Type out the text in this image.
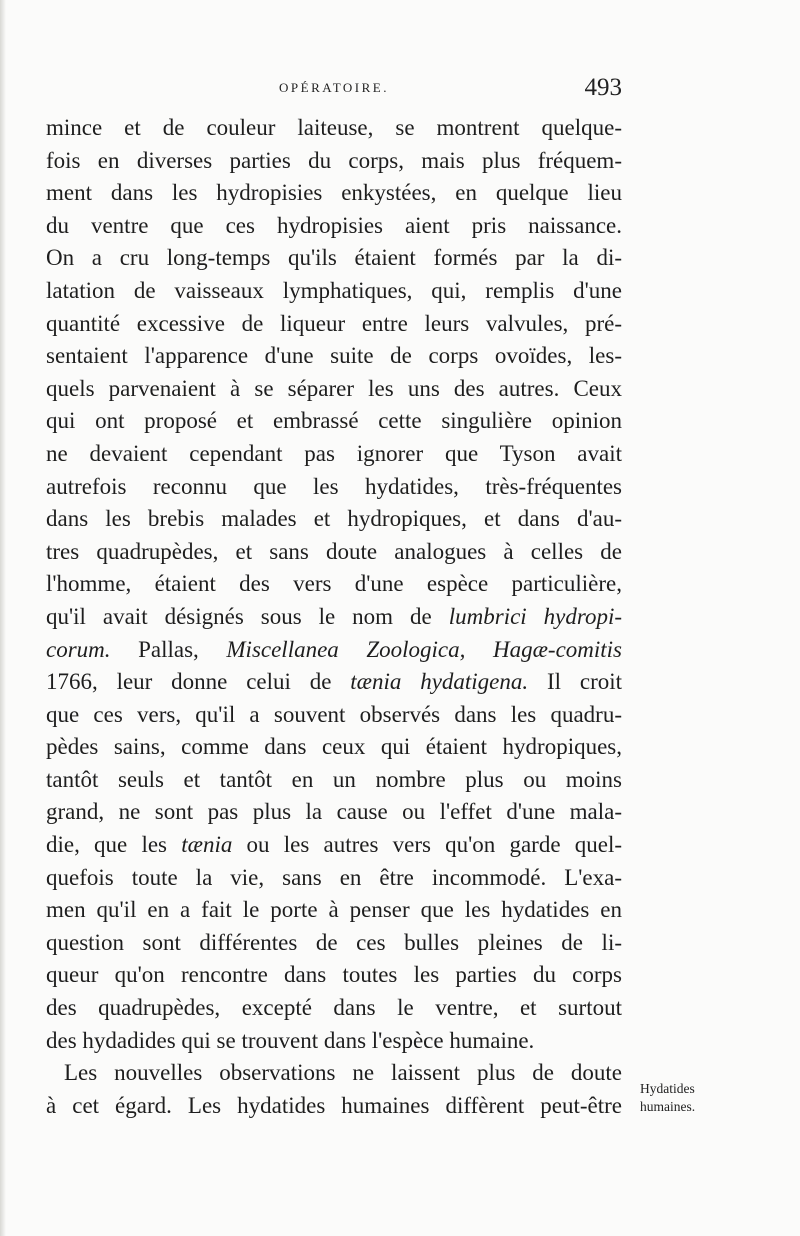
OPÉRATOIRE.	493
mince et de couleur laiteuse, se montrent quelque-
fois en diverses parties du corps, mais plus fréquem-
ment dans les hydropisies enkystées, en quelque lieu
du ventre que ces hydropisies aient pris naissance.
On a cru long-temps qu'ils étaient formés par la di-
latation de vaisseaux lymphatiques, qui, remplis d'une
quantité excessive de liqueur entre leurs valvules, pré-
sentaient l'apparence d'une suite de corps ovoïdes, les-
quels parvenaient à se séparer les uns des autres. Ceux
qui ont proposé et embrassé cette singulière opinion
ne devaient cependant pas ignorer que Tyson avait
autrefois reconnu que les hydatides, très-fréquentes
dans les brebis malades et hydropiques, et dans d'au-
tres quadrupèdes, et sans doute analogues à celles de
l'homme, étaient des vers d'une espèce particulière,
qu'il avait désignés sous le nom de lumbrici hydropi-
corum. Pallas, Miscellanea Zoologica, Hagæ-comitis
1766, leur donne celui de tænia hydatigena. Il croit
que ces vers, qu'il a souvent observés dans les quadru-
pèdes sains, comme dans ceux qui étaient hydropiques,
tantôt seuls et tantôt en un nombre plus ou moins
grand, ne sont pas plus la cause ou l'effet d'une mala-
die, que les tænia ou les autres vers qu'on garde quel-
quefois toute la vie, sans en être incommodé. L'exa-
men qu'il en a fait le porte à penser que les hydatides en
question sont différentes de ces bulles pleines de li-
queur qu'on rencontre dans toutes les parties du corps
des quadrupèdes, excepté dans le ventre, et surtout
des hydadides qui se trouvent dans l'espèce humaine.
Les nouvelles observations ne laissent plus de doute
à cet égard. Les hydatides humaines diffèrent peut-être
Hydatides
humaines.
